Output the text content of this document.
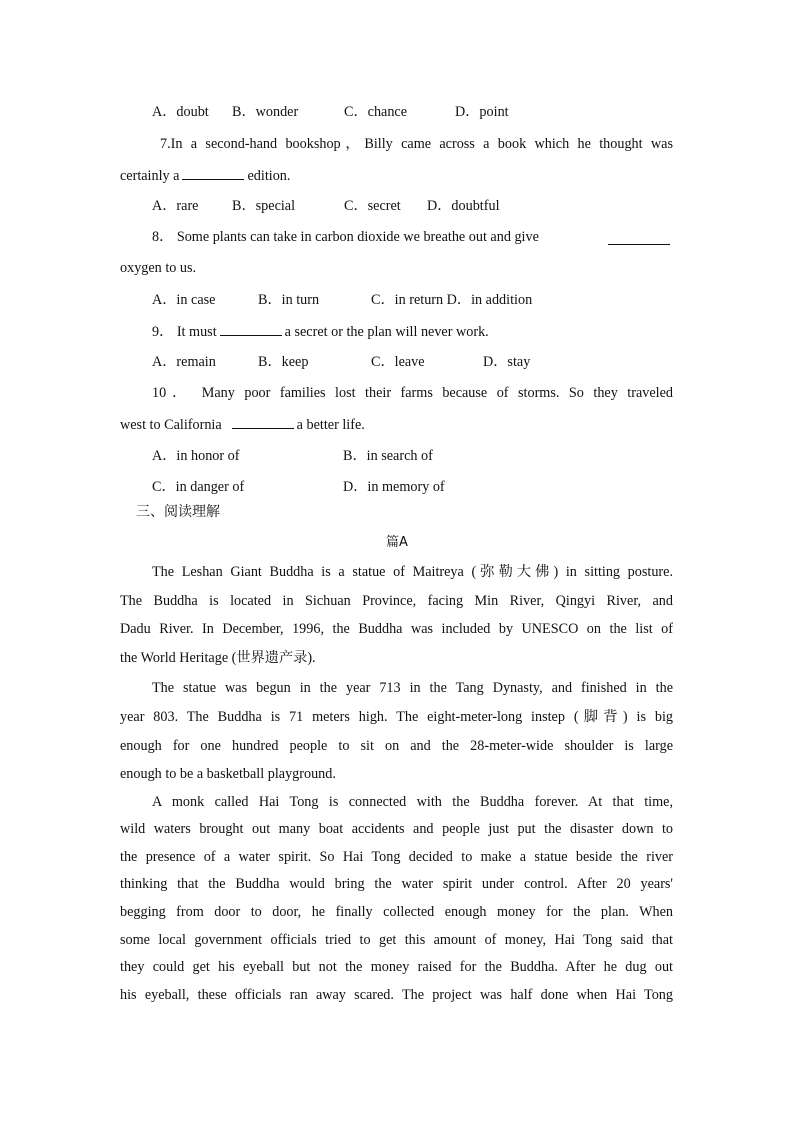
A．doubt B．wonder	C．chance	D．point
7.In a second-hand bookshop，Billy came across a book which he thought was
certainly a	edition.
A．rare B．special	C．secret D．doubtful
8． Some plants can take in carbon dioxide we breathe out and give
oxygen to us.
A．in case	B．in turn	C．in return D．in addition
9． It must	a secret or the plan will never work.
A．remain	B．keep	C．leave	D．stay
10． Many poor families lost their farms because of storms. So they traveled
west to California	a better life.
A．in honor of	B．in search of
C．in danger of	D．in memory of
三、阅读理解
篇A
The Leshan Giant Buddha is a statue of Maitreya (弥勒大佛) in sitting posture.
The Buddha is located in Sichuan Province, facing Min River, Qingyi River, and
Dadu River. In December, 1996, the Buddha was included by UNESCO on the list of
the World Heritage (世界遗产录).
The statue was begun in the year 713 in the Tang Dynasty, and finished in the
year 803. The Buddha is 71 meters high. The eight-meter-long instep (脚背) is big
enough for one hundred people to sit on and the 28-meter-wide shoulder is large
enough to be a basketball playground.
A monk called Hai Tong is connected with the Buddha forever. At that time,
wild waters brought out many boat accidents and people just put the disaster down to
the presence of a water spirit. So Hai Tong decided to make a statue beside the river
thinking that the Buddha would bring the water spirit under control. After 20 years'
begging from door to door, he finally collected enough money for the plan. When
some local government officials tried to get this amount of money, Hai Tong said that
they could get his eyeball but not the money raised for the Buddha. After he dug out
his eyeball, these officials ran away scared. The project was half done when Hai Tong
